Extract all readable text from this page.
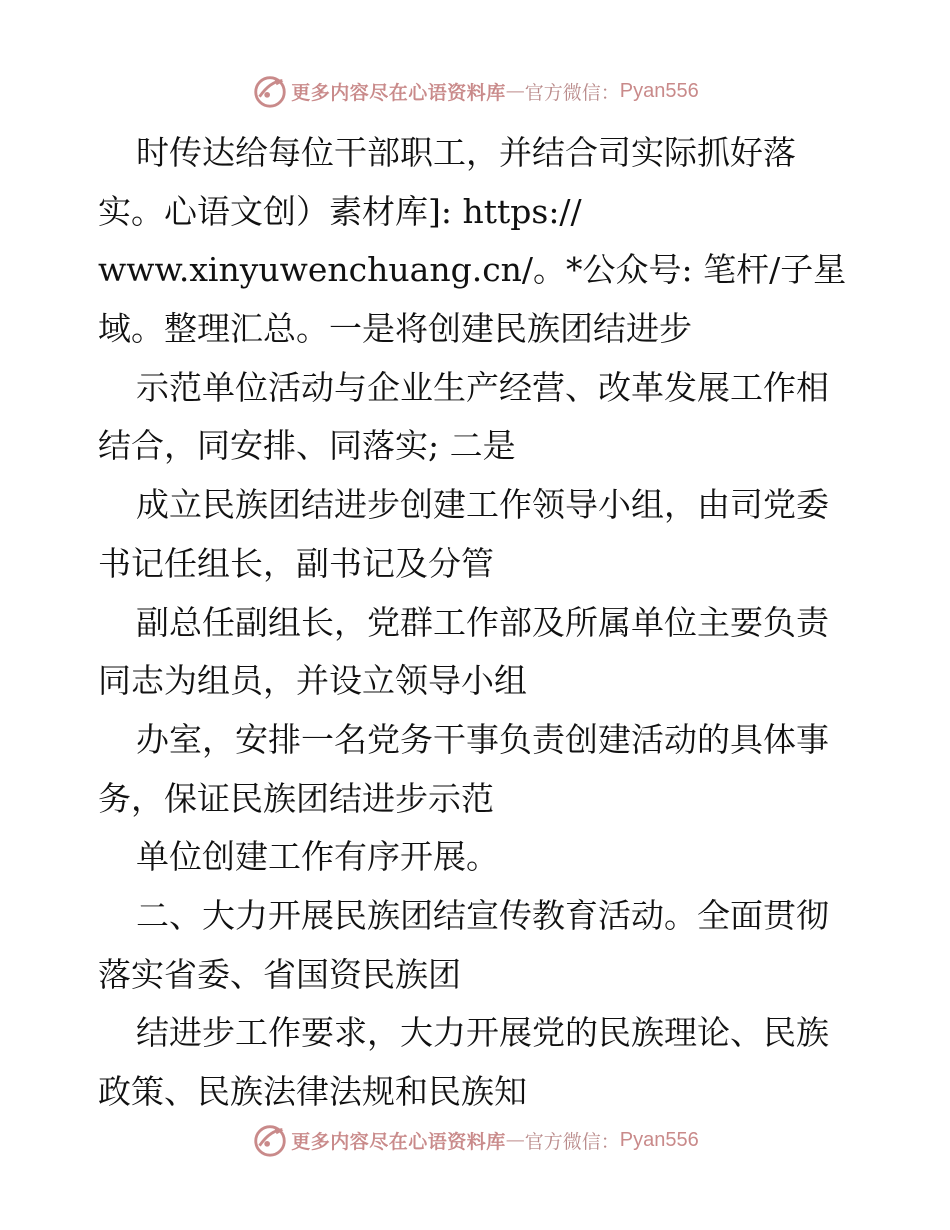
更多内容尽在心语资料库 — 官方微信： Pyan556
时传达给每位干部职工，并结合司实际抓好落
实。心语文创）素材库]: https://
www.xinyuwenchuang.cn/。*公众号: 笔杆/子星
域。整理汇总。一是将创建民族团结进步
示范单位活动与企业生产经营、改革发展工作相
结合，同安排、同落实; 二是
成立民族团结进步创建工作领导小组，由司党委
书记任组长，副书记及分管
副总任副组长，党群工作部及所属单位主要负责
同志为组员，并设立领导小组
办室，安排一名党务干事负责创建活动的具体事
务，保证民族团结进步示范
单位创建工作有序开展。
二、大力开展民族团结宣传教育活动。全面贯彻
落实省委、省国资民族团
结进步工作要求，大力开展党的民族理论、民族
政策、民族法律法规和民族知
更多内容尽在心语资料库 — 官方微信： Pyan556
